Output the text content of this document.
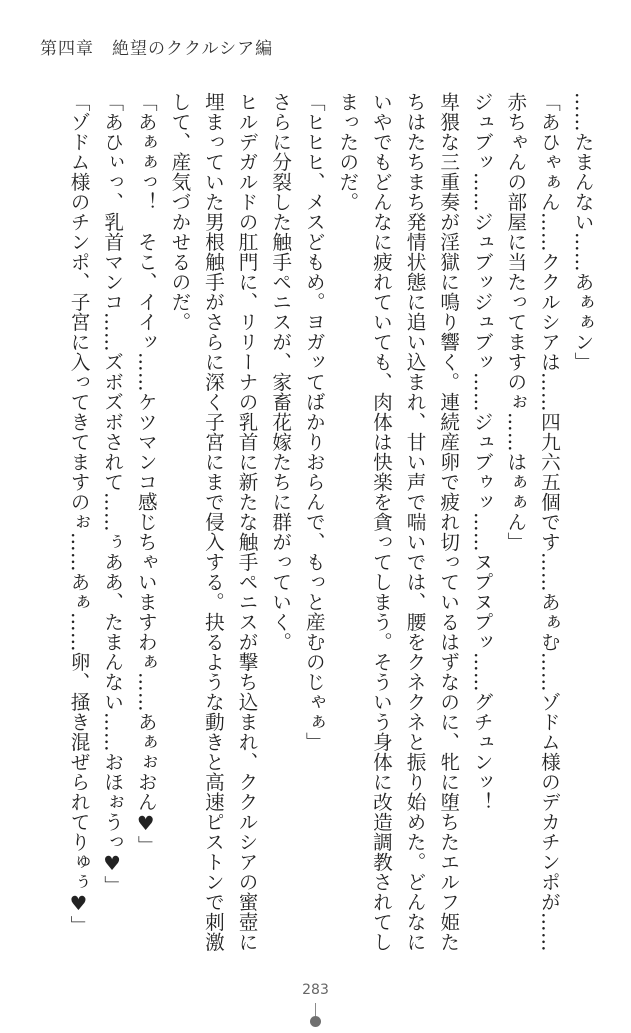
第四章　絶望のククルシア編

……たまんない……あぁぁン」

「あひゃぁん……ククルシアは……四九六五個です……あぁむ……ゾドム様のデカチンポが……赤ちゃんの部屋に当たってますのぉ……はぁぁん」

ジュブッ……ジュブッジュブッ……ジュブゥッ……ヌプヌプッ……グチュンッ！

卑猥な三重奏が淫獄に鳴り響く。連続産卵で疲れ切っているはずなのに、牝に堕ちたエルフ姫たちはたちまち発情状態に追い込まれ、甘い声で喘いでは、腰をクネクネと振り始めた。どんなにいやでもどんなに疲れていても、肉体は快楽を貪ってしまう。そういう身体に改造調教されてしまったのだ。

「ヒヒヒ、メスどもめ。ヨガッてばかりおらんで、もっと産むのじゃぁ」

さらに分裂した触手ペニスが、家畜花嫁たちに群がっていく。

ヒルデガルドの肛門に、リリーナの乳首に新たな触手ペニスが撃ち込まれ、ククルシアの蜜壺に埋まっていた男根触手がさらに深く子宮にまで侵入する。抉るような動きと高速ピストンで刺激して、産気づかせるのだ。

「あぁぁっ！　そこ、イイッ……ケツマンコ感じちゃいますわぁ……あぁぉおん♥」

「あひぃっ、乳首マンコ……ズボズボされて……ぅああ、たまんない……おほぉうっ♥」

「ゾドム様のチンポ、子宮に入ってきてますのぉ……あぁ……卵、掻き混ぜられてりゅぅ♥」

283
